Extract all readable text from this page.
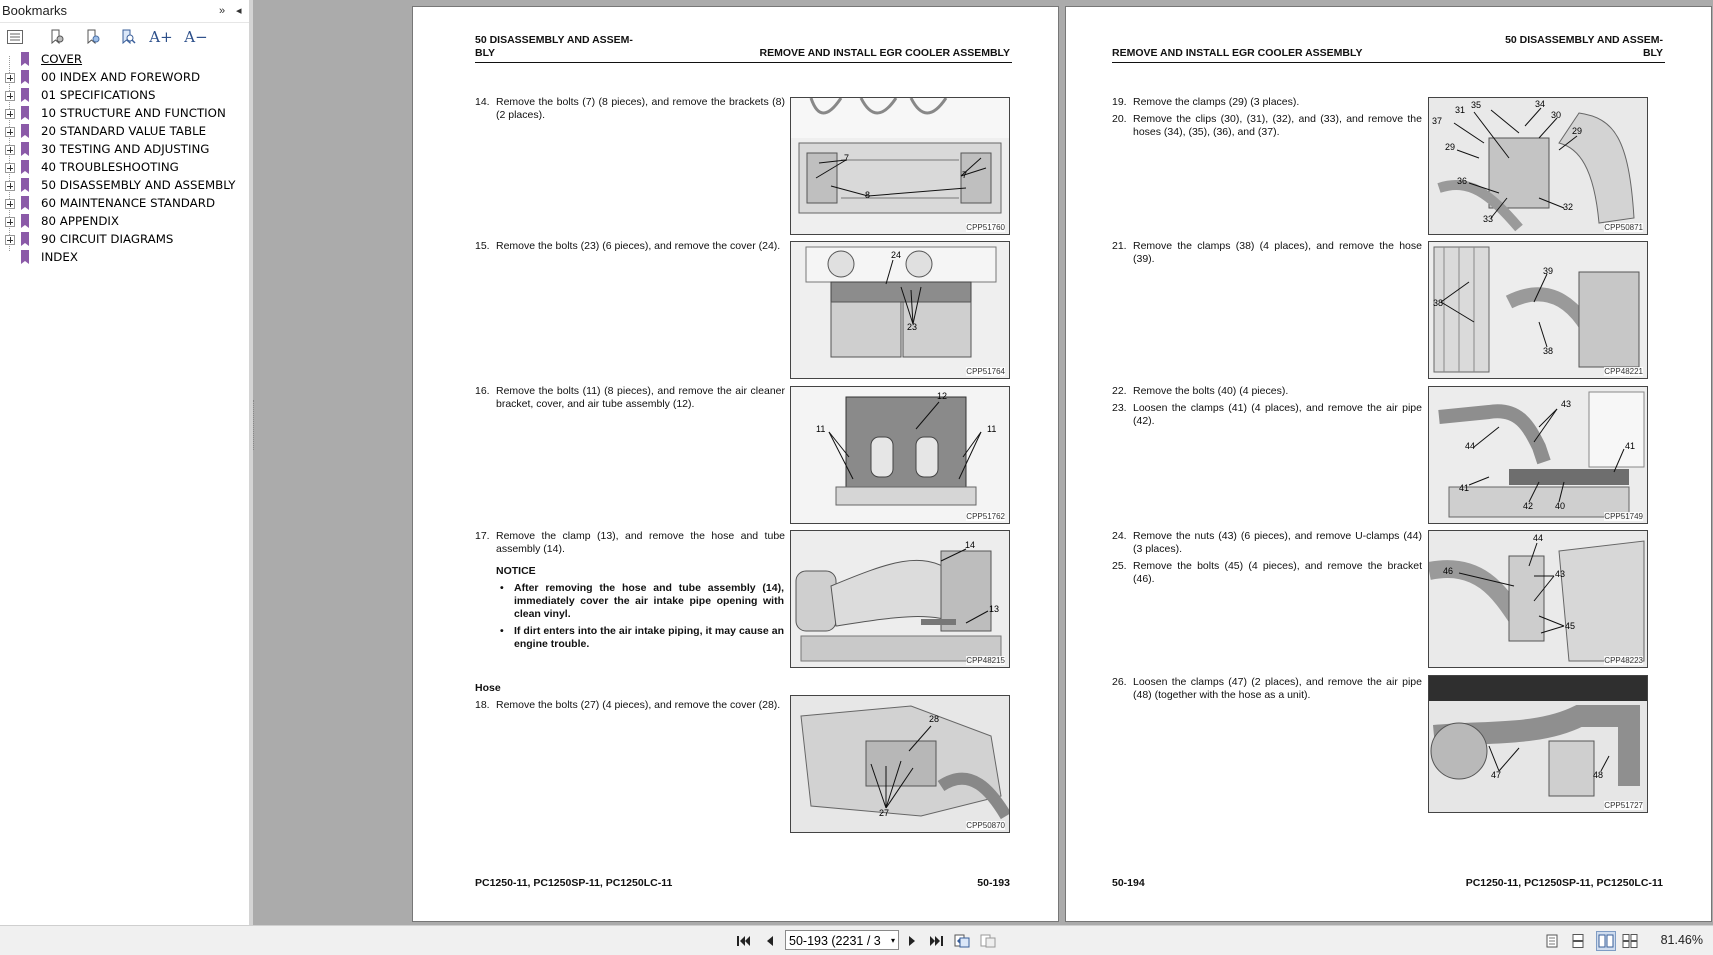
Bookmarks	» ◂
A+ A−
COVER
00 INDEX AND FOREWORD
01 SPECIFICATIONS
10 STRUCTURE AND FUNCTION
20 STANDARD VALUE TABLE
30 TESTING AND ADJUSTING
40 TROUBLESHOOTING
50 DISASSEMBLY AND ASSEMBLY
60 MAINTENANCE STANDARD
80 APPENDIX
90 CIRCUIT DIAGRAMS
INDEX
50 DISASSEMBLY AND ASSEM-
BLY	REMOVE AND INSTALL EGR COOLER ASSEMBLY
14. Remove the bolts (7) (8 pieces), and remove the brackets (8) (2 places).
7
7
8
CPP51760
15. Remove the bolts (23) (6 pieces), and remove the cover (24).
24
23
CPP51764
16. Remove the bolts (11) (8 pieces), and remove the air cleaner bracket, cover, and air tube assembly (12).
12
11	11
CPP51762
17. Remove the clamp (13), and remove the hose and tube assembly (14).
NOTICE
• After removing the hose and tube assembly (14), immediately cover the air intake pipe opening with clean vinyl.
• If dirt enters into the air intake piping, it may cause an engine trouble.
14
13
CPP48215
Hose
18. Remove the bolts (27) (4 pieces), and remove the cover (28).
28
27
CPP50870
PC1250-11, PC1250SP-11, PC1250LC-11	50-193
50 DISASSEMBLY AND ASSEM-
BLY
REMOVE AND INSTALL EGR COOLER ASSEMBLY
19. Remove the clamps (29) (3 places).
20. Remove the clips (30), (31), (32), and (33), and remove the hoses (34), (35), (36), and (37).
37
31 35	34
30
29
29
36
33
32
CPP50871
21. Remove the clamps (38) (4 places), and remove the hose (39).
39
38
38
CPP48221
22. Remove the bolts (40) (4 pieces).
23. Loosen the clamps (41) (4 places), and remove the air pipe (42).
43
44	41
41
42 40
CPP51749
24. Remove the nuts (43) (6 pieces), and remove U-clamps (44) (3 places).
25. Remove the bolts (45) (4 pieces), and remove the bracket (46).
44
46	43
45
CPP48223
26. Loosen the clamps (47) (2 places), and remove the air pipe (48) (together with the hose as a unit).
47	48
CPP51727
50-194	PC1250-11, PC1250SP-11, PC1250LC-11
50-193 (2231 / 3 ▾	81.46%
